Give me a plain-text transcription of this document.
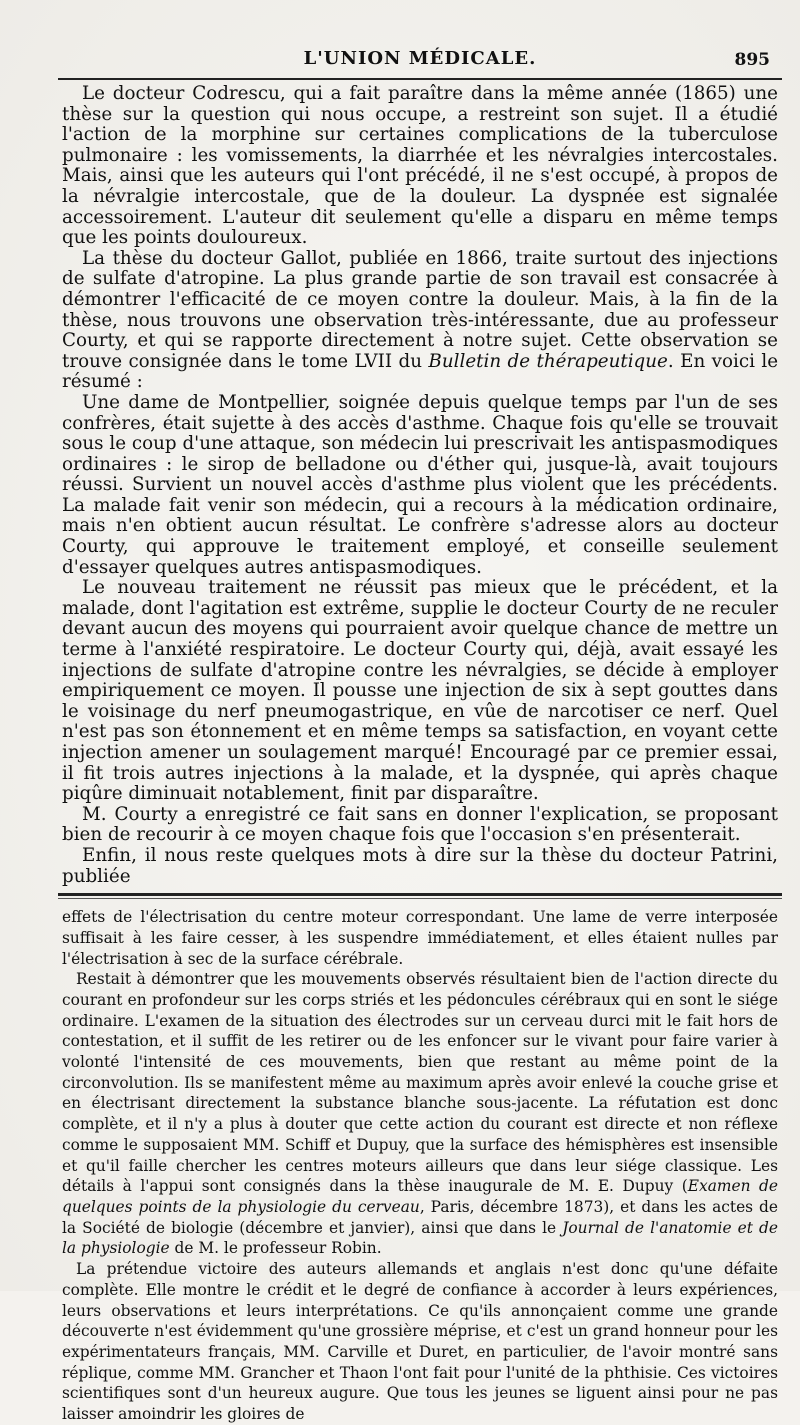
L'UNION MÉDICALE.	895

Le docteur Codrescu, qui a fait paraître dans la même année (1865) une thèse sur la question qui nous occupe, a restreint son sujet. Il a étudié l'action de la morphine sur certaines complications de la tuberculose pulmonaire : les vomissements, la diarrhée et les névralgies intercostales. Mais, ainsi que les auteurs qui l'ont précédé, il ne s'est occupé, à propos de la névralgie intercostale, que de la douleur. La dyspnée est signalée accessoirement. L'auteur dit seulement qu'elle a disparu en même temps que les points douloureux.

La thèse du docteur Gallot, publiée en 1866, traite surtout des injections de sulfate d'atropine. La plus grande partie de son travail est consacrée à démontrer l'efficacité de ce moyen contre la douleur. Mais, à la fin de la thèse, nous trouvons une observation très-intéressante, due au professeur Courty, et qui se rapporte directement à notre sujet. Cette observation se trouve consignée dans le tome LVII du Bulletin de thérapeutique. En voici le résumé :

Une dame de Montpellier, soignée depuis quelque temps par l'un de ses confrères, était sujette à des accès d'asthme. Chaque fois qu'elle se trouvait sous le coup d'une attaque, son médecin lui prescrivait les antispasmodiques ordinaires : le sirop de belladone ou d'éther qui, jusque-là, avait toujours réussi. Survient un nouvel accès d'asthme plus violent que les précédents. La malade fait venir son médecin, qui a recours à la médication ordinaire, mais n'en obtient aucun résultat. Le confrère s'adresse alors au docteur Courty, qui approuve le traitement employé, et conseille seulement d'essayer quelques autres antispasmodiques.

Le nouveau traitement ne réussit pas mieux que le précédent, et la malade, dont l'agitation est extrême, supplie le docteur Courty de ne reculer devant aucun des moyens qui pourraient avoir quelque chance de mettre un terme à l'anxiété respiratoire. Le docteur Courty qui, déjà, avait essayé les injections de sulfate d'atropine contre les névralgies, se décide à employer empiriquement ce moyen. Il pousse une injection de six à sept gouttes dans le voisinage du nerf pneumogastrique, en vûe de narcotiser ce nerf. Quel n'est pas son étonnement et en même temps sa satisfaction, en voyant cette injection amener un soulagement marqué! Encouragé par ce premier essai, il fit trois autres injections à la malade, et la dyspnée, qui après chaque piqûre diminuait notablement, finit par disparaître.

M. Courty a enregistré ce fait sans en donner l'explication, se proposant bien de recourir à ce moyen chaque fois que l'occasion s'en présenterait.

Enfin, il nous reste quelques mots à dire sur la thèse du docteur Patrini, publiée

effets de l'électrisation du centre moteur correspondant. Une lame de verre interposée suffisait à les faire cesser, à les suspendre immédiatement, et elles étaient nulles par l'électrisation à sec de la surface cérébrale.

Restait à démontrer que les mouvements observés résultaient bien de l'action directe du courant en profondeur sur les corps striés et les pédoncules cérébraux qui en sont le siége ordinaire. L'examen de la situation des électrodes sur un cerveau durci mit le fait hors de contestation, et il suffit de les retirer ou de les enfoncer sur le vivant pour faire varier à volonté l'intensité de ces mouvements, bien que restant au même point de la circonvolution. Ils se manifestent même au maximum après avoir enlevé la couche grise et en électrisant directement la substance blanche sous-jacente. La réfutation est donc complète, et il n'y a plus à douter que cette action du courant est directe et non réflexe comme le supposaient MM. Schiff et Dupuy, que la surface des hémisphères est insensible et qu'il faille chercher les centres moteurs ailleurs que dans leur siége classique. Les détails à l'appui sont consignés dans la thèse inaugurale de M. E. Dupuy (Examen de quelques points de la physiologie du cerveau, Paris, décembre 1873), et dans les actes de la Société de biologie (décembre et janvier), ainsi que dans le Journal de l'anatomie et de la physiologie de M. le professeur Robin.

La prétendue victoire des auteurs allemands et anglais n'est donc qu'une défaite complète. Elle montre le crédit et le degré de confiance à accorder à leurs expériences, leurs observations et leurs interprétations. Ce qu'ils annonçaient comme une grande découverte n'est évidemment qu'une grossière méprise, et c'est un grand honneur pour les expérimentateurs français, MM. Carville et Duret, en particulier, de l'avoir montré sans réplique, comme MM. Grancher et Thaon l'ont fait pour l'unité de la phthisie. Ces victoires scientifiques sont d'un heureux augure. Que tous les jeunes se liguent ainsi pour ne pas laisser amoindrir les gloires de
